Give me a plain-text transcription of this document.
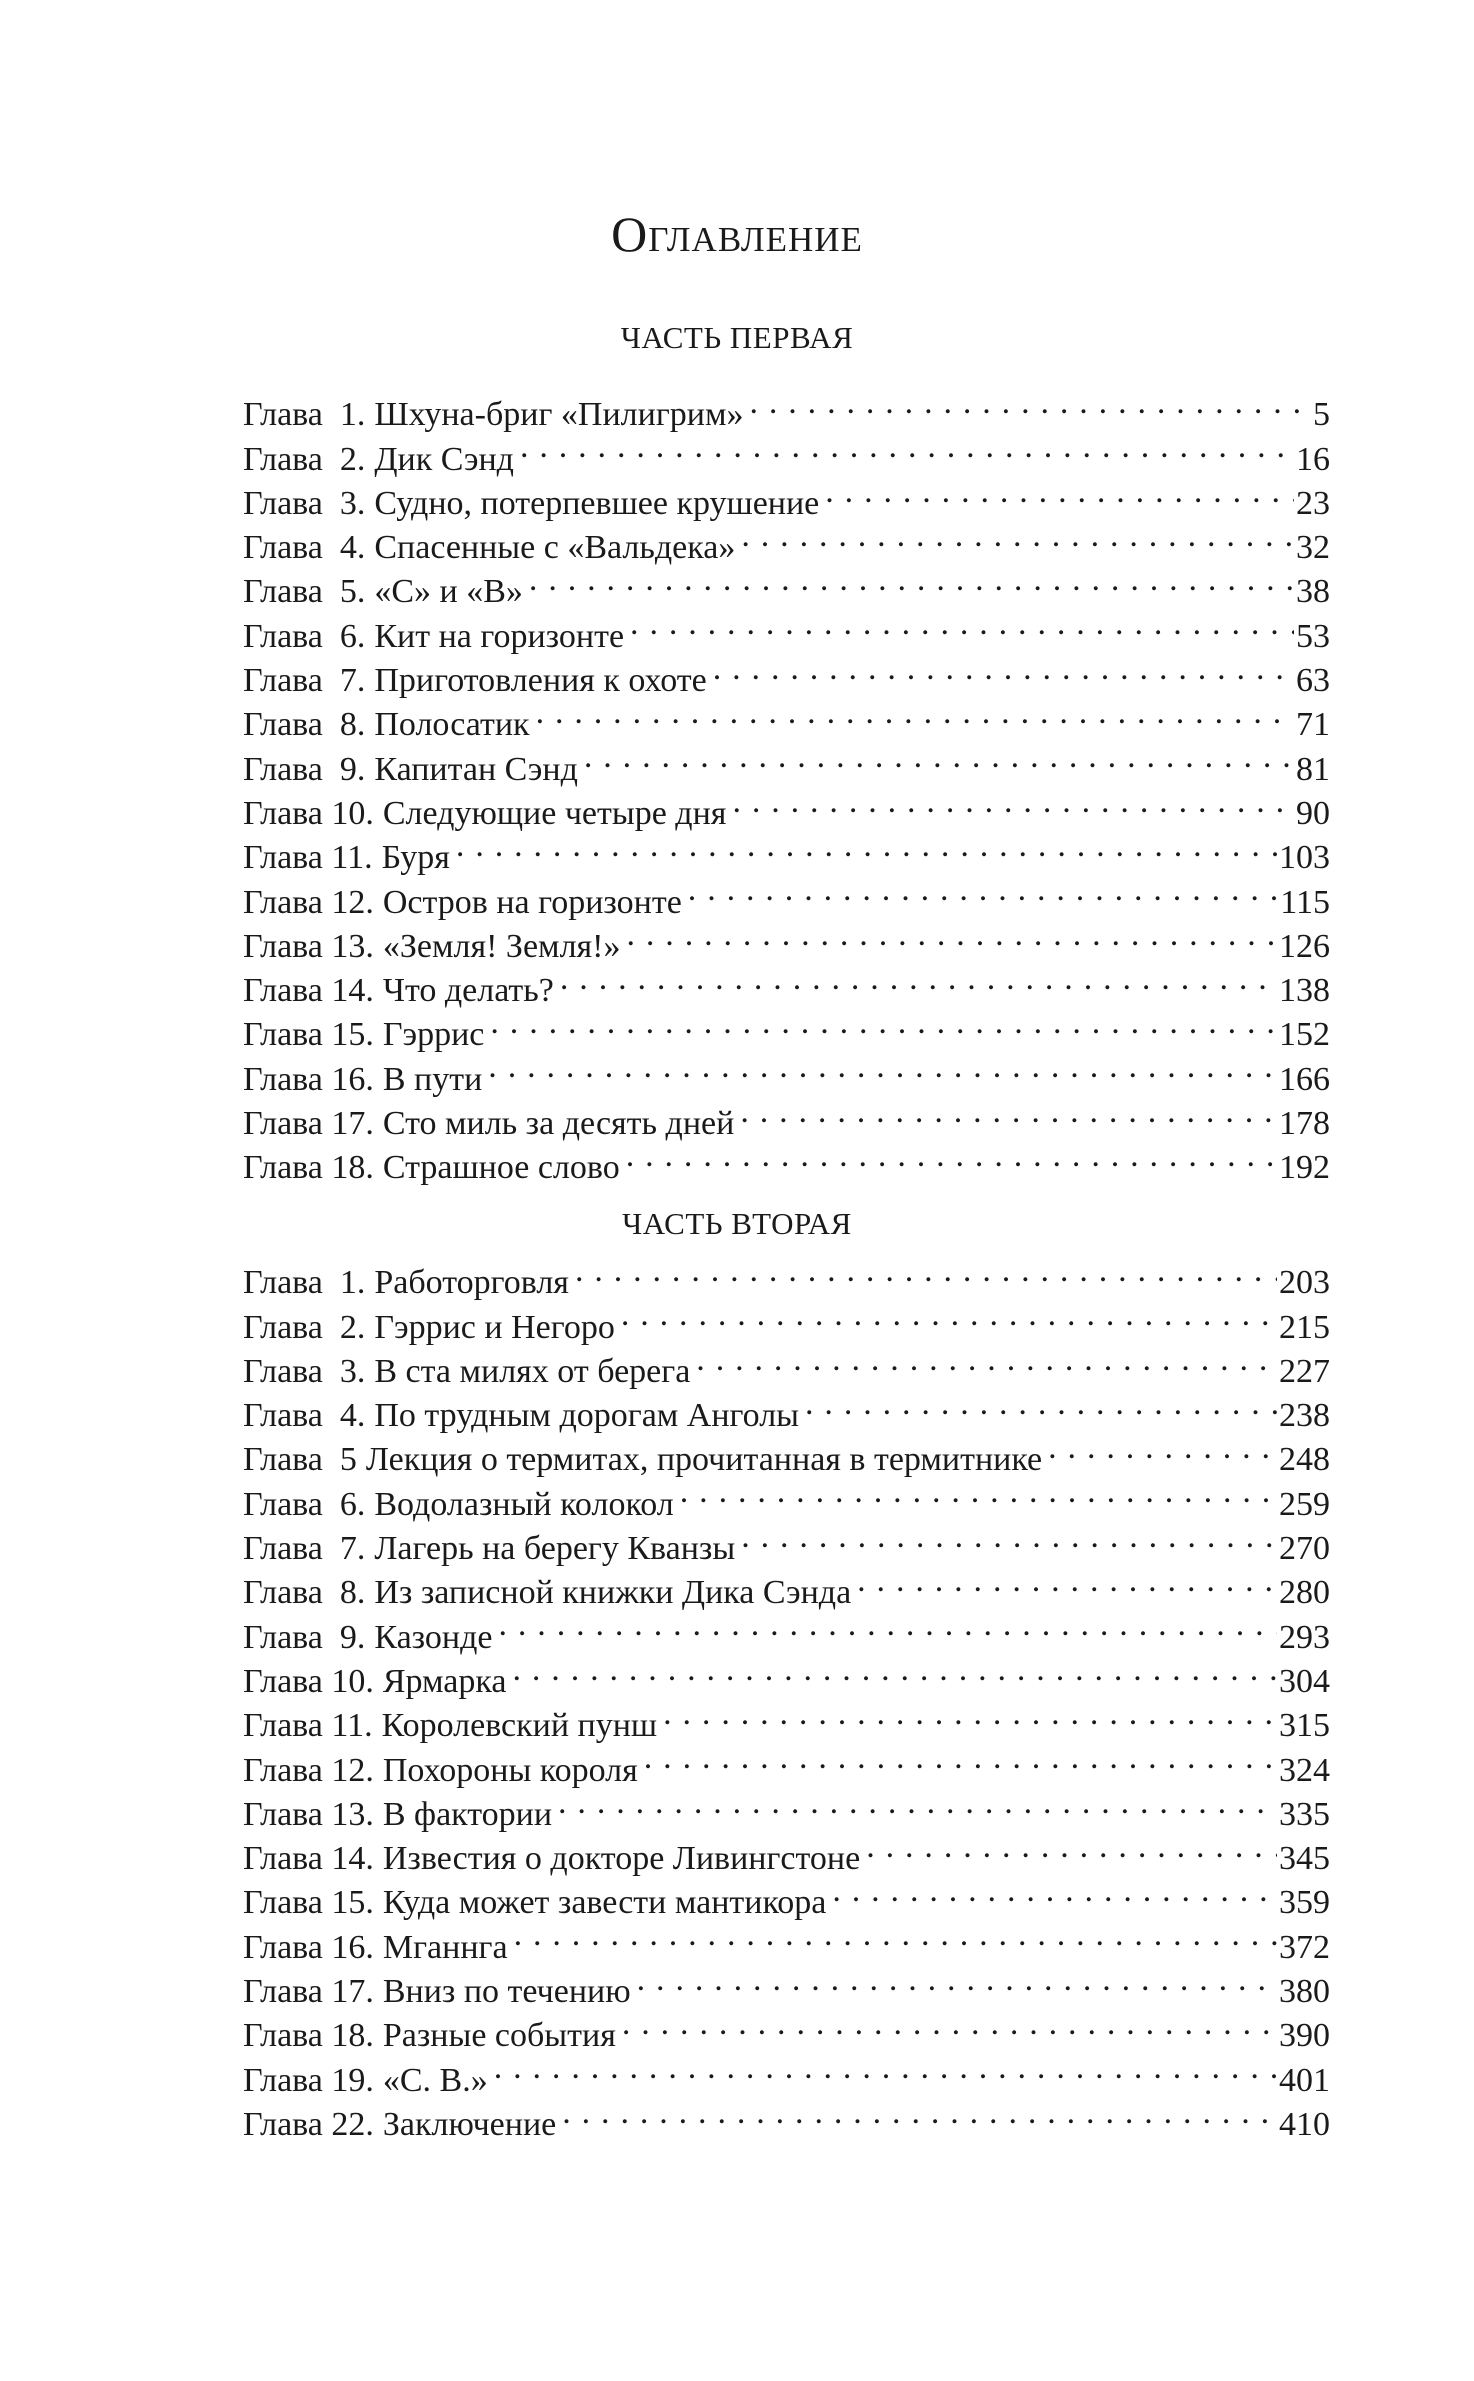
Оглавление
ЧАСТЬ ПЕРВАЯ
Глава  1. Шхуна-бриг «Пилигрим» . . .	5
Глава  2. Дик Сэнд . . .	16
Глава  3. Судно, потерпевшее крушение . . .	23
Глава  4. Спасенные с «Вальдека» . . .	32
Глава  5. «С» и «В» . . .	38
Глава  6. Кит на горизонте . . .	53
Глава  7. Приготовления к охоте . . .	63
Глава  8. Полосатик . . .	71
Глава  9. Капитан Сэнд . . .	81
Глава 10. Следующие четыре дня . . .	90
Глава 11. Буря . . .	103
Глава 12. Остров на горизонте . . .	115
Глава 13. «Земля! Земля!» . . .	126
Глава 14. Что делать? . . .	138
Глава 15. Гэррис . . .	152
Глава 16. В пути . . .	166
Глава 17. Сто миль за десять дней . . .	178
Глава 18. Страшное слово . . .	192
ЧАСТЬ ВТОРАЯ
Глава  1. Работорговля . . .	203
Глава  2. Гэррис и Негоро . . .	215
Глава  3. В ста милях от берега . . .	227
Глава  4. По трудным дорогам Анголы . . .	238
Глава  5 Лекция о термитах, прочитанная в термитнике . . .	248
Глава  6. Водолазный колокол . . .	259
Глава  7. Лагерь на берегу Кванзы . . .	270
Глава  8. Из записной книжки Дика Сэнда . . .	280
Глава  9. Казонде . . .	293
Глава 10. Ярмарка . . .	304
Глава 11. Королевский пунш . . .	315
Глава 12. Похороны короля . . .	324
Глава 13. В фактории . . .	335
Глава 14. Известия о докторе Ливингстоне . . .	345
Глава 15. Куда может завести мантикора . . .	359
Глава 16. Мганнга . . .	372
Глава 17. Вниз по течению . . .	380
Глава 18. Разные события . . .	390
Глава 19. «С. В.» . . .	401
Глава 22. Заключение . . .	410
